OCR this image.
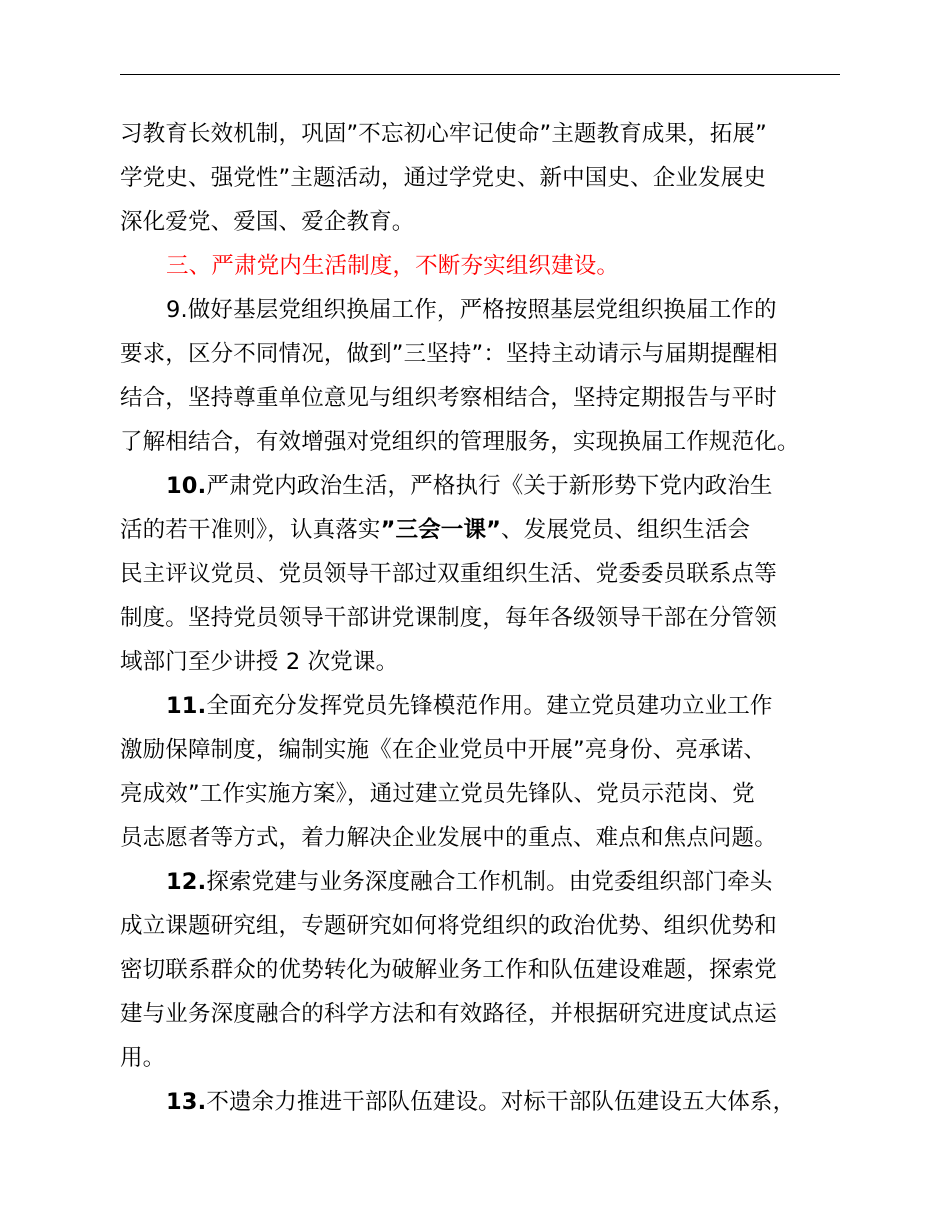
习教育长效机制，巩固”不忘初心牢记使命”主题教育成果，拓展”
学党史、强党性”主题活动，通过学党史、新中国史、企业发展史
深化爱党、爱国、爱企教育。
三、严肃党内生活制度，不断夯实组织建设。
9.做好基层党组织换届工作，严格按照基层党组织换届工作的
要求，区分不同情况，做到”三坚持”：坚持主动请示与届期提醒相
结合，坚持尊重单位意见与组织考察相结合，坚持定期报告与平时
了解相结合，有效增强对党组织的管理服务，实现换届工作规范化。
10.严肃党内政治生活，严格执行《关于新形势下党内政治生
活的若干准则》，认真落实”三会一课”、发展党员、组织生活会
民主评议党员、党员领导干部过双重组织生活、党委委员联系点等
制度。坚持党员领导干部讲党课制度，每年各级领导干部在分管领
域部门至少讲授 2 次党课。
11.全面充分发挥党员先锋模范作用。建立党员建功立业工作
激励保障制度，编制实施《在企业党员中开展”亮身份、亮承诺、
亮成效”工作实施方案》，通过建立党员先锋队、党员示范岗、党
员志愿者等方式，着力解决企业发展中的重点、难点和焦点问题。
12.探索党建与业务深度融合工作机制。由党委组织部门牵头
成立课题研究组，专题研究如何将党组织的政治优势、组织优势和
密切联系群众的优势转化为破解业务工作和队伍建设难题，探索党
建与业务深度融合的科学方法和有效路径，并根据研究进度试点运
用。
13.不遗余力推进干部队伍建设。对标干部队伍建设五大体系，
